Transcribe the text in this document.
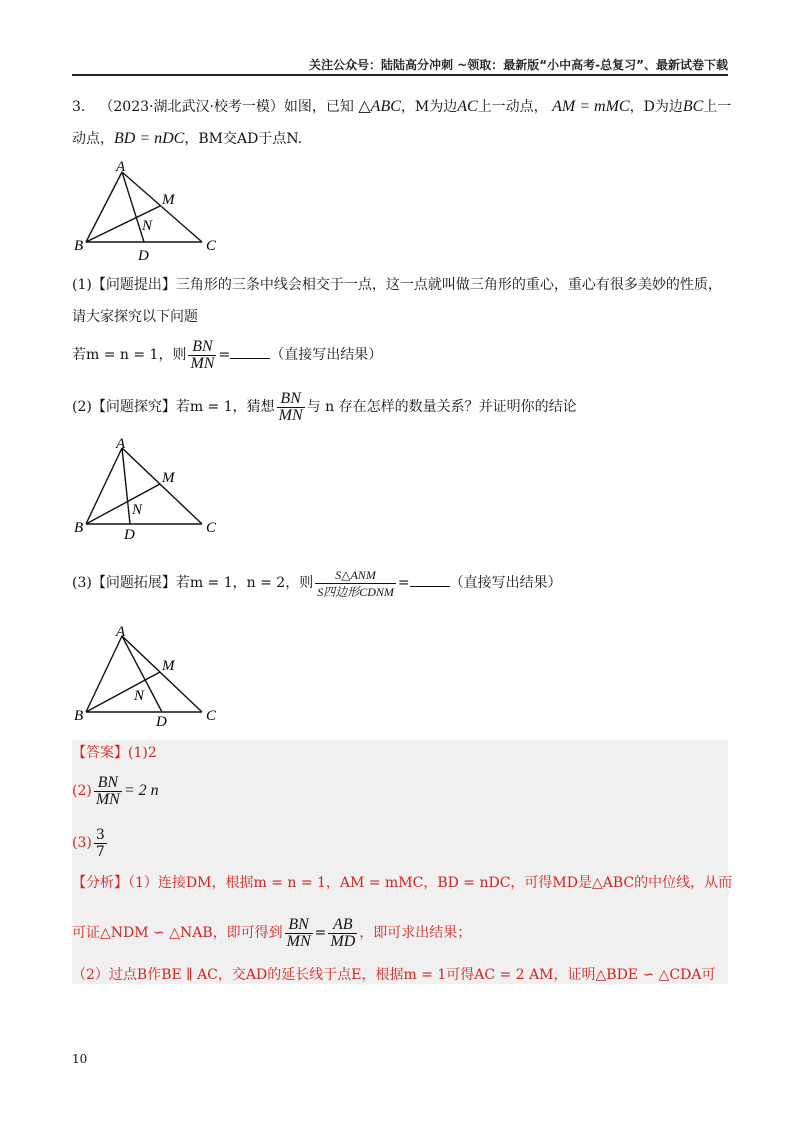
关注公众号：陆陆高分冲刺 ~领取：最新版“小中高考-总复习”、最新试卷下载
3． （2023·湖北武汉·校考一模）如图，已知 △ABC，M为边AC上一动点， AM = mMC，D为边BC上一
动点，BD = nDC，BM交AD于点N.
A
B	C
D
M
N
(1)【问题提出】三角形的三条中线会相交于一点，这一点就叫做三角形的重心，重心有很多美妙的性质，
请大家探究以下问题
若m = n = 1，则 $\frac{BN}{MN}$ =	（直接写出结果）
(2)【问题探究】若m = 1，猜想 $\frac{BN}{MN}$ 与 n 存在怎样的数量关系？并证明你的结论
A
B	C
D
M
N
(3)【问题拓展】若m = 1，n = 2，则 $\frac{\text{S△ANM}}{\text{S四边形CDNM}}$ =	（直接写出结果）
A
B	C
D
M
N
【答案】(1)2
$(2) \frac{BN}{MN} = 2$ n
$(3) \frac{3}{7}$
【分析】（1）连接DM，根据m = n = 1，AM = mMC，BD = nDC，可得MD是△ABC的中位线，从而
可证△NDM ∽ △NAB，即可得到 $\frac{BN}{MN} = \frac{AB}{MD}$ ，即可求出结果；
（2）过点B作BE ∥ AC，交AD的延长线于点E，根据m = 1可得AC = 2 AM，证明△BDE ∽ △CDA可
10
